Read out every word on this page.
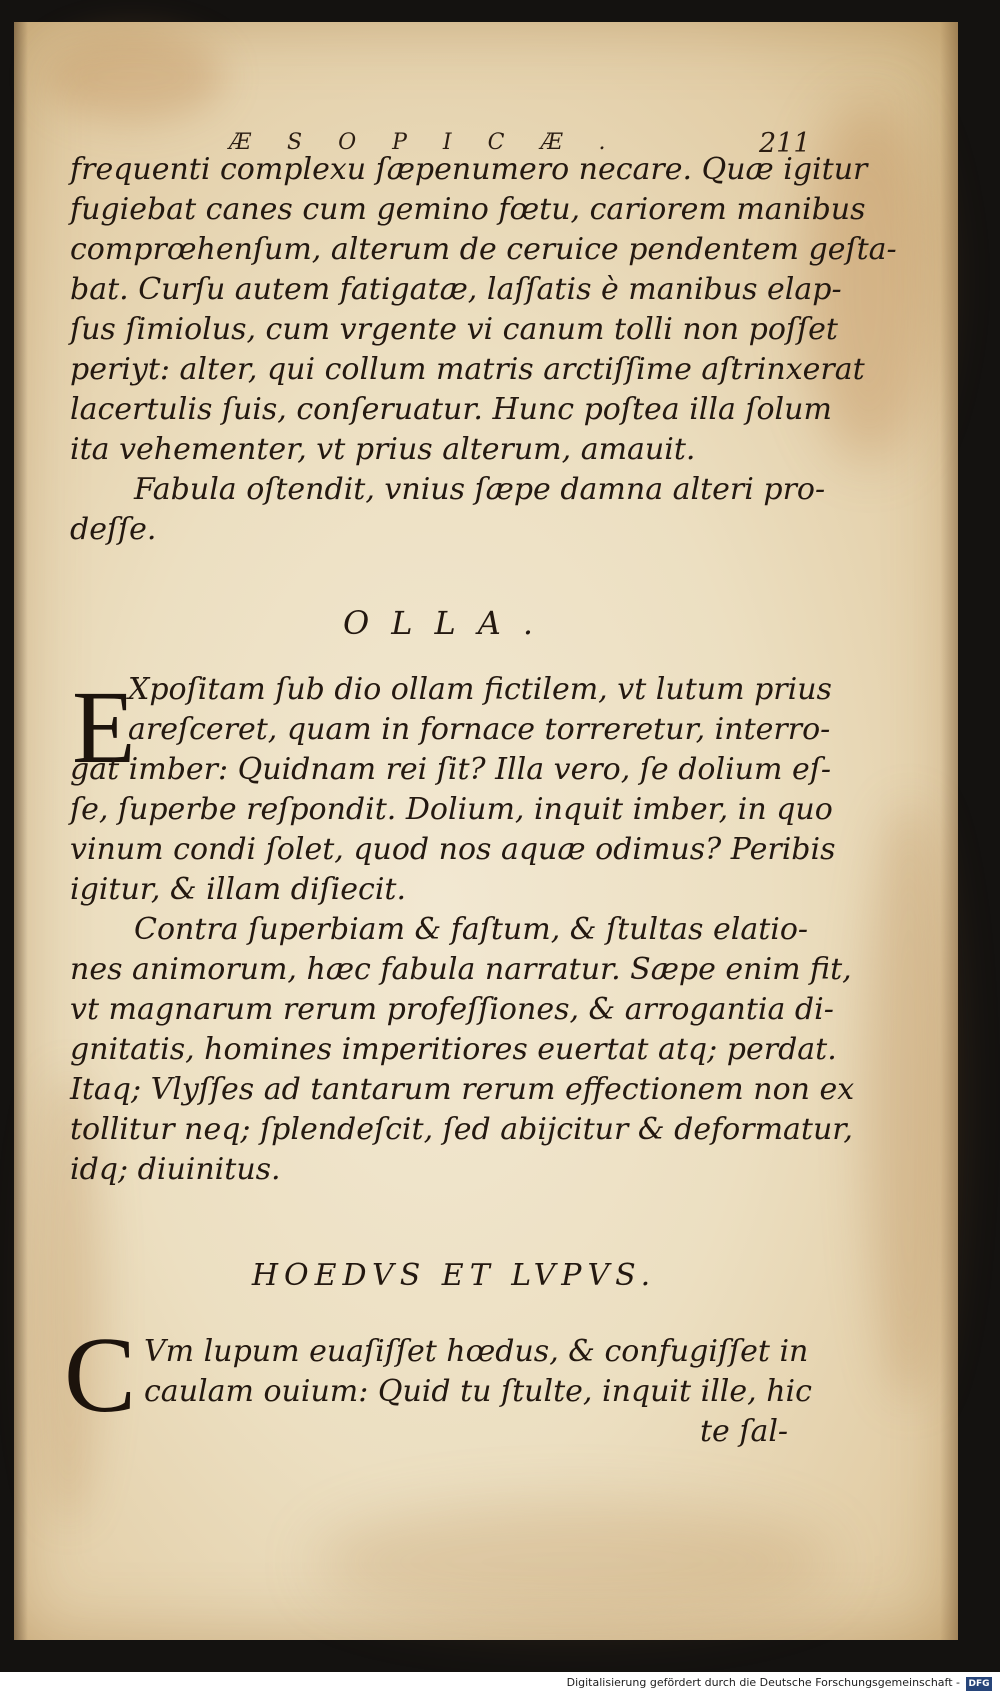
ÆSOPICÆ.	211
frequenti complexu ſæpenumero necare. Quæ igitur
fugiebat canes cum gemino fœtu, cariorem manibus
comprœhenſum, alterum de ceruice pendentem geſta-
bat. Curſu autem fatigatæ, laſſatis è manibus elap-
ſus ſimiolus, cum vrgente vi canum tolli non poſſet
periyt: alter, qui collum matris arctiſſime aſtrinxerat
lacertulis ſuis, conſeruatur. Hunc poſtea illa ſolum
ita vehementer, vt prius alterum, amauit.
Fabula oſtendit, vnius ſæpe damna alteri pro-
deſſe.
OLLA.
E
Xpoſitam ſub dio ollam fictilem, vt lutum prius
areſceret, quam in fornace torreretur, interro-
gat imber: Quidnam rei ſit? Illa vero, ſe dolium eſ-
ſe, ſuperbe reſpondit. Dolium, inquit imber, in quo
vinum condi ſolet, quod nos aquæ odimus? Peribis
igitur, & illam diſiecit.
Contra ſuperbiam & faſtum, & ſtultas elatio-
nes animorum, hæc fabula narratur. Sæpe enim fit,
vt magnarum rerum profeſſiones, & arrogantia di-
gnitatis, homines imperitiores euertat atq; perdat.
Itaq; Vlyſſes ad tantarum rerum effectionem non ex
tollitur neq; ſplendeſcit, ſed abijcitur & deformatur,
idq; diuinitus.
HOEDVS ET LVPVS.
C Vm lupum euaſiſſet hœdus, & confugiſſet in
caulam ouium: Quid tu ſtulte, inquit ille, hic
te ſal-
Digitalisierung gefördert durch die Deutsche Forschungsgemeinschaft - DFG
